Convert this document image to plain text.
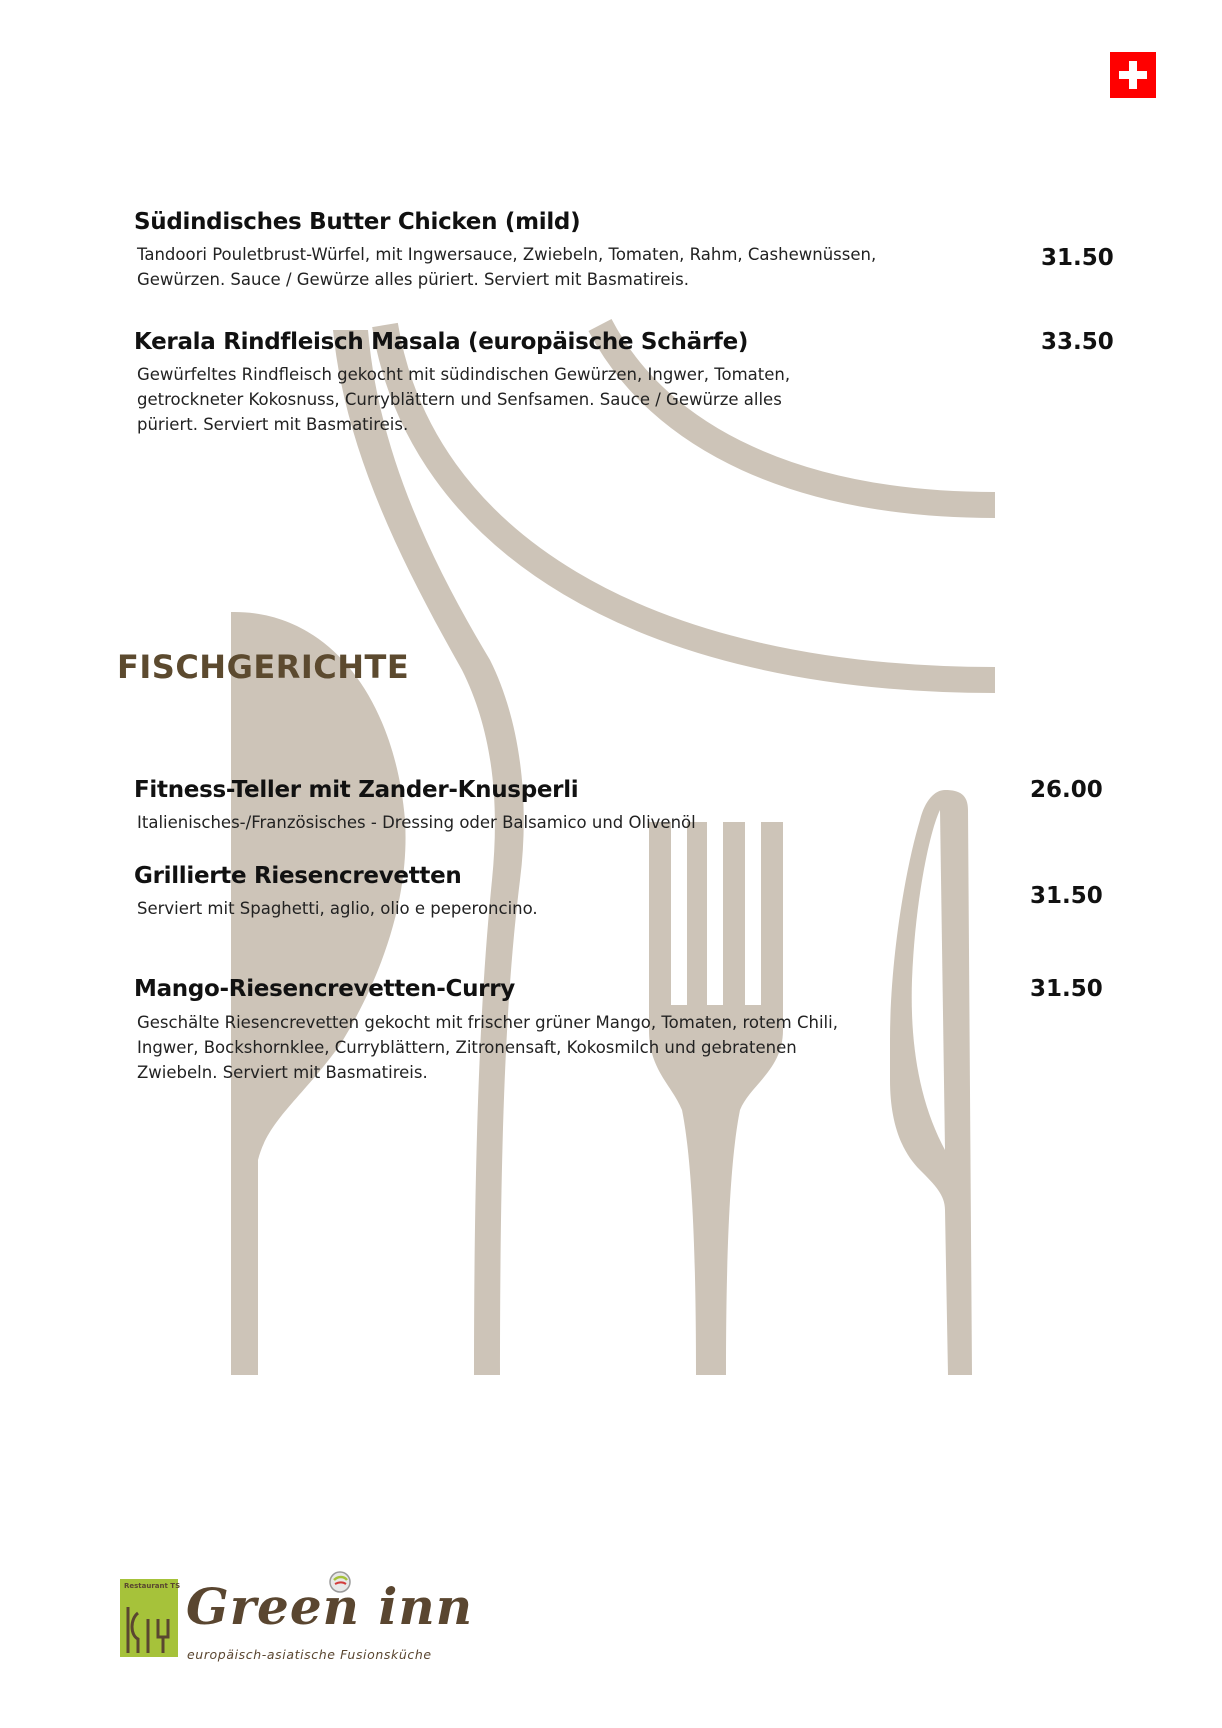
Südindisches Butter Chicken (mild)
Tandoori Pouletbrust-Würfel, mit Ingwersauce, Zwiebeln, Tomaten, Rahm, Cashewnüssen,
Gewürzen. Sauce / Gewürze alles püriert. Serviert mit Basmatireis.
31.50
Kerala Rindfleisch Masala (europäische Schärfe)
Gewürfeltes Rindfleisch gekocht mit südindischen Gewürzen, Ingwer, Tomaten,
getrockneter Kokosnuss, Curryblättern und Senfsamen. Sauce / Gewürze alles
püriert. Serviert mit Basmatireis.
33.50
FISCHGERICHTE
Fitness-Teller mit Zander-Knusperli
Italienisches-/Französisches - Dressing oder Balsamico und Olivenöl
26.00
Grillierte Riesencrevetten
Serviert mit Spaghetti, aglio, olio e peperoncino.	31.50
Mango-Riesencrevetten-Curry
Geschälte Riesencrevetten gekocht mit frischer grüner Mango, Tomaten, rotem Chili,
Ingwer, Bockshornklee, Curryblättern, Zitronensaft, Kokosmilch und gebratenen
Zwiebeln. Serviert mit Basmatireis.
31.50
Restaurant TS Green inn
europäisch-asiatische Fusionsküche
